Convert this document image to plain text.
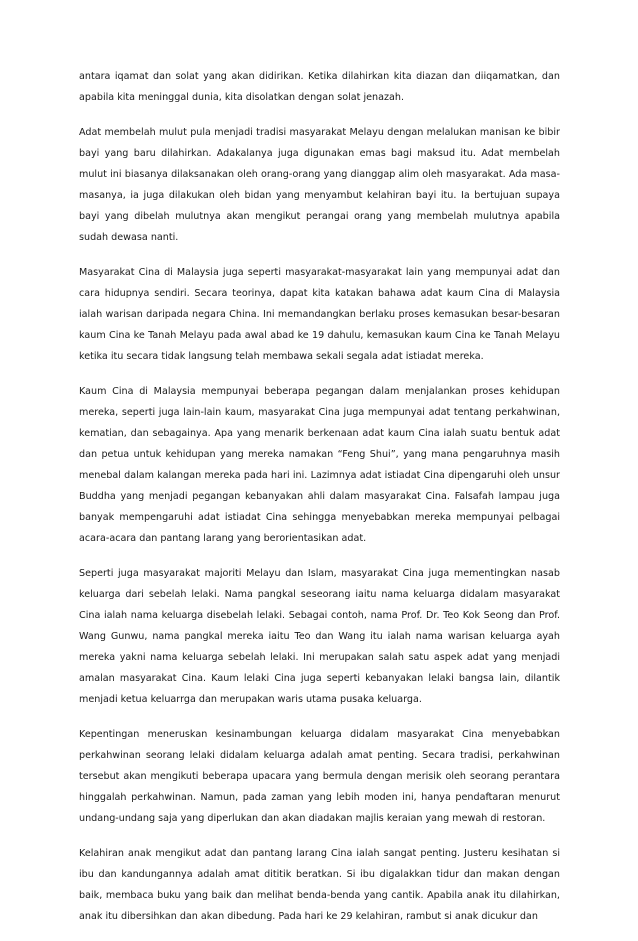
antara iqamat dan solat yang akan didirikan. Ketika dilahirkan kita diazan dan diiqamatkan, dan apabila kita meninggal dunia, kita disolatkan dengan solat jenazah.

Adat membelah mulut pula menjadi tradisi masyarakat Melayu dengan melalukan manisan ke bibir bayi yang baru dilahirkan. Adakalanya juga digunakan emas bagi maksud itu. Adat membelah mulut ini biasanya dilaksanakan oleh orang-orang yang dianggap alim oleh masyarakat. Ada masa-masanya, ia juga dilakukan oleh bidan yang menyambut kelahiran bayi itu. Ia bertujuan supaya bayi yang dibelah mulutnya akan mengikut perangai orang yang membelah mulutnya apabila sudah dewasa nanti.

Masyarakat Cina di Malaysia juga seperti masyarakat-masyarakat lain yang mempunyai adat dan cara hidupnya sendiri. Secara teorinya, dapat kita katakan bahawa adat kaum Cina di Malaysia ialah warisan daripada negara China. Ini memandangkan berlaku proses kemasukan besar-besaran kaum Cina ke Tanah Melayu pada awal abad ke 19 dahulu, kemasukan kaum Cina ke Tanah Melayu ketika itu secara tidak langsung telah membawa sekali segala adat istiadat mereka.

Kaum Cina di Malaysia mempunyai beberapa pegangan dalam menjalankan proses kehidupan mereka, seperti juga lain-lain kaum, masyarakat Cina juga mempunyai adat tentang perkahwinan, kematian, dan sebagainya. Apa yang menarik berkenaan adat kaum Cina ialah suatu bentuk adat dan petua untuk kehidupan yang mereka namakan “Feng Shui”, yang mana pengaruhnya masih menebal dalam kalangan mereka pada hari ini. Lazimnya adat istiadat Cina dipengaruhi oleh unsur Buddha yang menjadi pegangan kebanyakan ahli dalam masyarakat Cina. Falsafah lampau juga banyak mempengaruhi adat istiadat Cina sehingga menyebabkan mereka mempunyai pelbagai acara-acara dan pantang larang yang berorientasikan adat.

Seperti juga masyarakat majoriti Melayu dan Islam, masyarakat Cina juga mementingkan nasab keluarga dari sebelah lelaki. Nama pangkal seseorang iaitu nama keluarga didalam masyarakat Cina ialah nama keluarga disebelah lelaki. Sebagai contoh, nama Prof. Dr. Teo Kok Seong dan Prof. Wang Gunwu, nama pangkal mereka iaitu Teo dan Wang itu ialah nama warisan keluarga ayah mereka yakni nama keluarga sebelah lelaki. Ini merupakan salah satu aspek adat yang menjadi amalan masyarakat Cina. Kaum lelaki Cina juga seperti kebanyakan lelaki bangsa lain, dilantik menjadi ketua keluarrga dan merupakan waris utama pusaka keluarga.

Kepentingan meneruskan kesinambungan keluarga didalam masyarakat Cina menyebabkan perkahwinan seorang lelaki didalam keluarga adalah amat penting. Secara tradisi, perkahwinan tersebut akan mengikuti beberapa upacara yang bermula dengan merisik oleh seorang perantara hinggalah perkahwinan. Namun, pada zaman yang lebih moden ini, hanya pendaftaran menurut undang-undang saja yang diperlukan dan akan diadakan majlis keraian yang mewah di restoran.

Kelahiran anak mengikut adat dan pantang larang Cina ialah sangat penting. Justeru kesihatan si ibu dan kandungannya adalah amat dititik beratkan. Si ibu digalakkan tidur dan makan dengan baik, membaca buku yang baik dan melihat benda-benda yang cantik. Apabila anak itu dilahirkan, anak itu dibersihkan dan akan dibedung. Pada hari ke 29 kelahiran, rambut si anak dicukur dan
